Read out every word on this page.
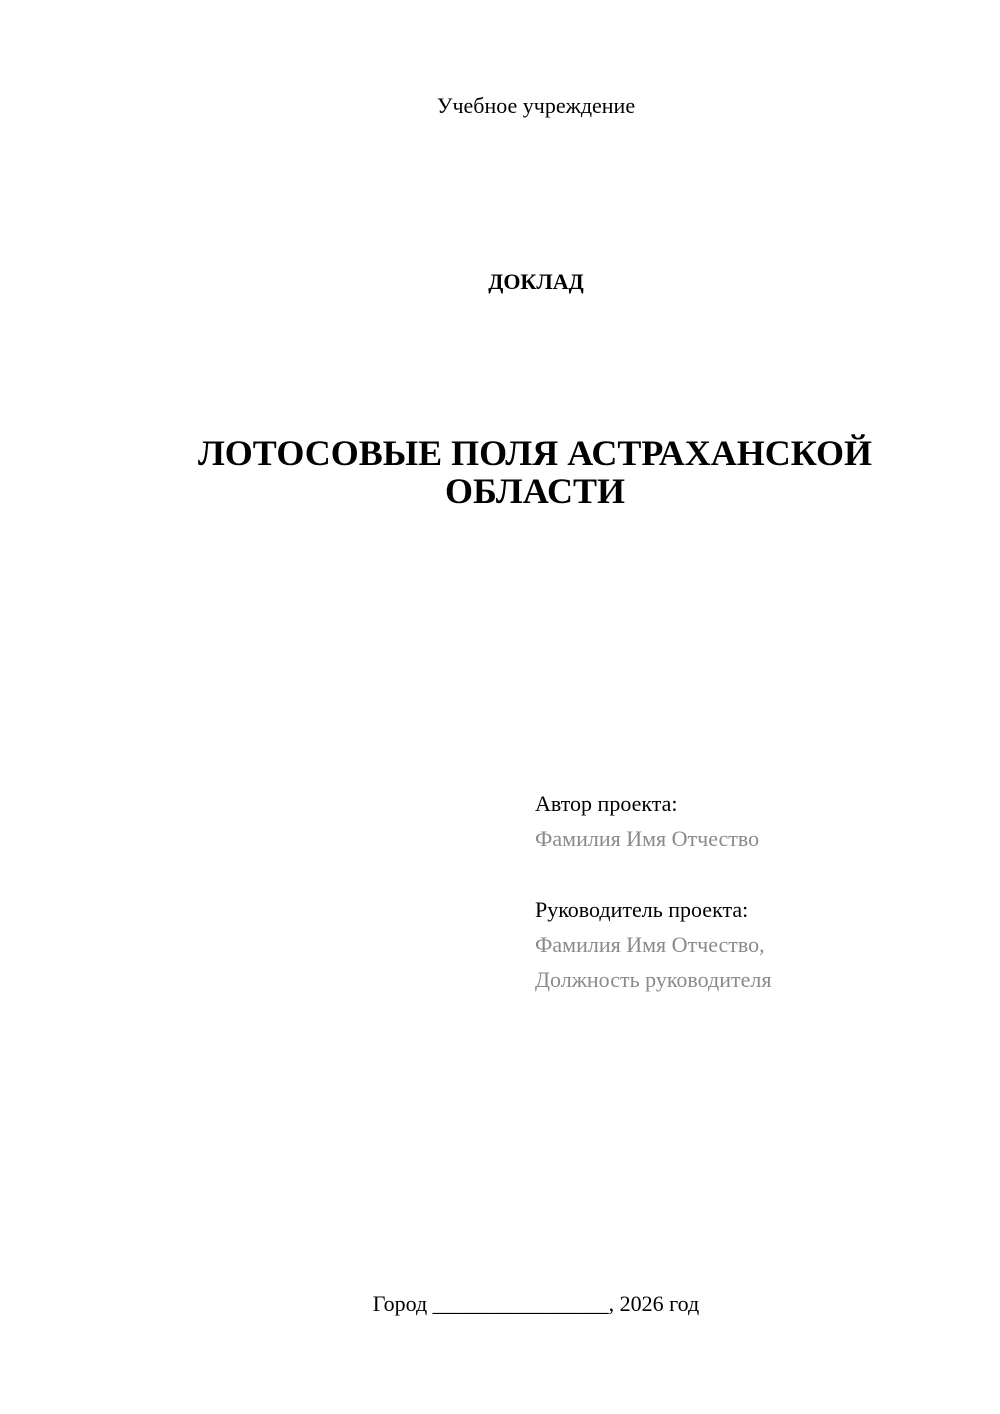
Учебное учреждение
ДОКЛАД
ЛОТОСОВЫЕ ПОЛЯ АСТРАХАНСКОЙ
ОБЛАСТИ
Автор проекта:
Фамилия Имя Отчество
Руководитель проекта:
Фамилия Имя Отчество,
Должность руководителя
Город ________________, 2026 год
